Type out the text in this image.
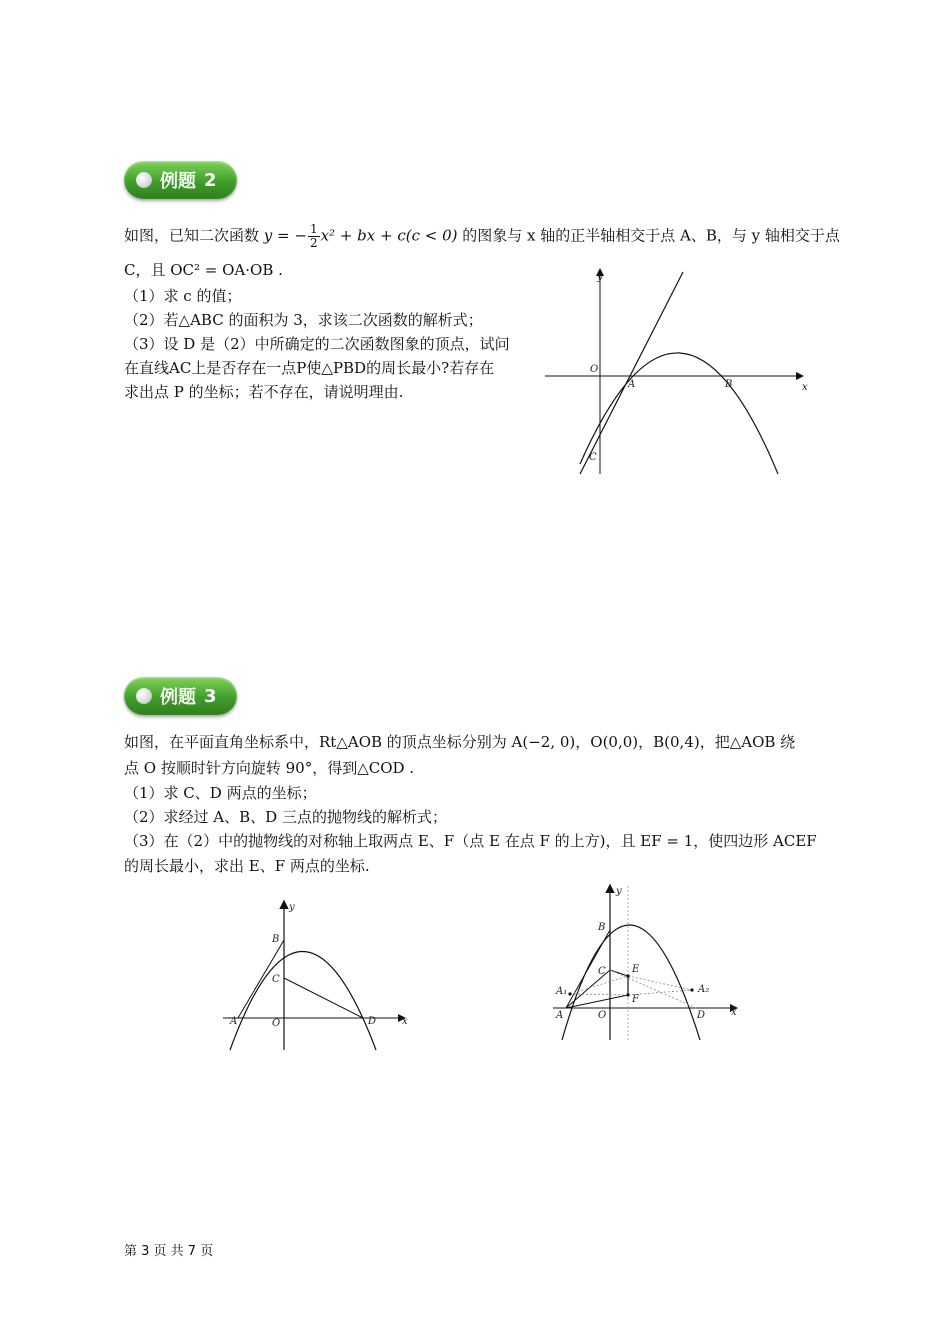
例题 2
如图，已知二次函数 y = − $\frac{1}{2} x^2$ + bx + c(c < 0) 的图象与 x 轴的正半轴相交于点 A、B，与 y 轴相交于点
C，且 OC² = OA·OB .
（1）求 c 的值；
（2）若△ABC 的面积为 3，求该二次函数的解析式；
（3）设 D 是（2）中所确定的二次函数图象的顶点，试问
在直线AC上是否存在一点P使△PBD的周长最小?若存在
求出点 P 的坐标；若不存在，请说明理由.
y
x
O
A	B
C
例题 3
如图，在平面直角坐标系中，Rt△AOB 的顶点坐标分别为 A(−2, 0)，O(0,0)，B(0,4)，把△AOB 绕
点 O 按顺时针方向旋转 90°，得到△COD .
（1）求 C、D 两点的坐标；
（2）求经过 A、B、D 三点的抛物线的解析式；
（3）在（2）中的抛物线的对称轴上取两点 E、F（点 E 在点 F 的上方)，且 EF = 1，使四边形 ACEF
的周长最小，求出 E、F 两点的坐标.
y
x
B
C
A	O	D
y
x
B
C	E
F
A₁	A₂
A	O	D
第 3 页 共 7 页
